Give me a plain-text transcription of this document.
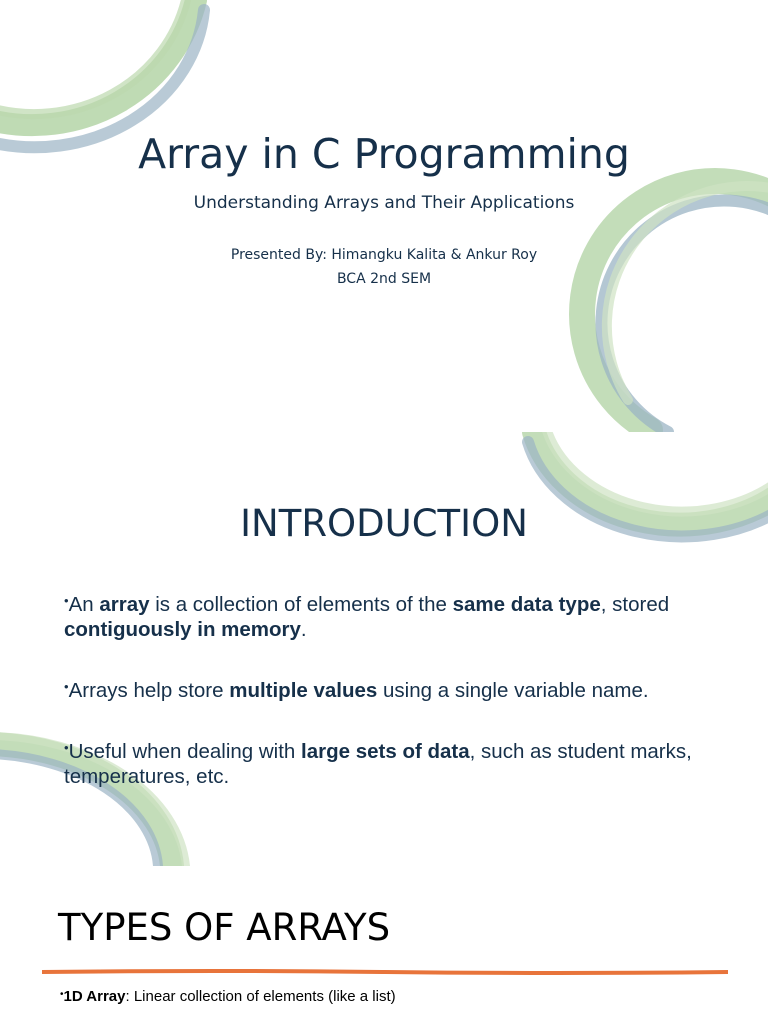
Array in C Programming
Understanding Arrays and Their Applications
Presented By: Himangku Kalita & Ankur Roy
BCA 2nd SEM
INTRODUCTION
•An array is a collection of elements of the same data type, stored contiguously in memory.
•Arrays help store multiple values using a single variable name.
•Useful when dealing with large sets of data, such as student marks, temperatures, etc.
TYPES OF ARRAYS
•1D Array: Linear collection of elements (like a list)
